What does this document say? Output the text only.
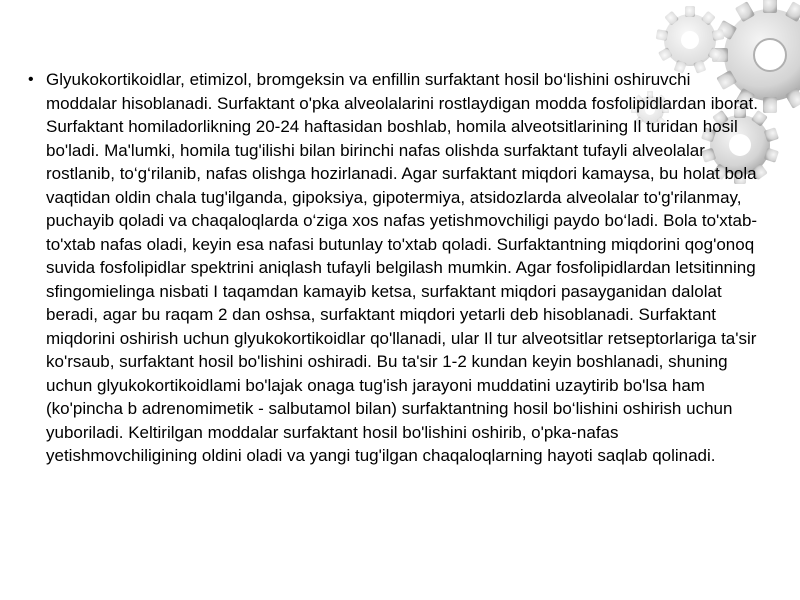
• Glyukokortikoidlar, etimizol, bromgeksin va enfillin surfaktant hosil bo‘lishini oshiruvchi moddalar hisoblanadi. Surfaktant o'pka alveolalarini rostlaydigan modda fosfolipidlardan iborat. Surfaktant homiladorlikning 20-24 haftasidan boshlab, homila alveotsitlarining Il turidan hosil bo'ladi. Ma'lumki, homila tug'ilishi bilan birinchi nafas olishda surfaktant tufayli alveolalar rostlanib, to‘g‘rilanib, nafas olishga hozirlanadi. Agar surfaktant miqdori kamaysa, bu holat bola vaqtidan oldin chala tug'ilganda, gipoksiya, gipotermiya, atsidozlarda alveolalar to'g'rilanmay, puchayib qoladi va chaqaloqlarda o‘ziga xos nafas yetishmovchiligi paydo bo‘ladi. Bola to'xtab-to'xtab nafas oladi, keyin esa nafasi butunlay to'xtab qoladi. Surfaktantning miqdorini qog'onoq suvida fosfolipidlar spektrini aniqlash tufayli belgilash mumkin. Agar fosfolipidlardan letsitinning sfingomielinga nisbati I taqamdan kamayib ketsa, surfaktant miqdori pasayganidan dalolat beradi, agar bu raqam 2 dan oshsa, surfaktant miqdori yetarli deb hisoblanadi. Surfaktant miqdorini oshirish uchun glyukokortikoidlar qo'llanadi, ular Il tur alveotsitlar retseptorlariga ta'sir ko'rsaub, surfaktant hosil bo'lishini oshiradi. Bu ta'sir 1-2 kundan keyin boshlanadi, shuning uchun glyukokortikoidlami bo'lajak onaga tug'ish jarayoni muddatini uzaytirib bo'lsa ham (ko'pincha b adrenomimetik - salbutamol bilan) surfaktantning hosil bo‘lishini oshirish uchun yuboriladi. Keltirilgan moddalar surfaktant hosil bo'lishini oshirib, o'pka-nafas yetishmovchiligining oldini oladi va yangi tug'ilgan chaqaloqlarning hayoti saqlab qolinadi.
